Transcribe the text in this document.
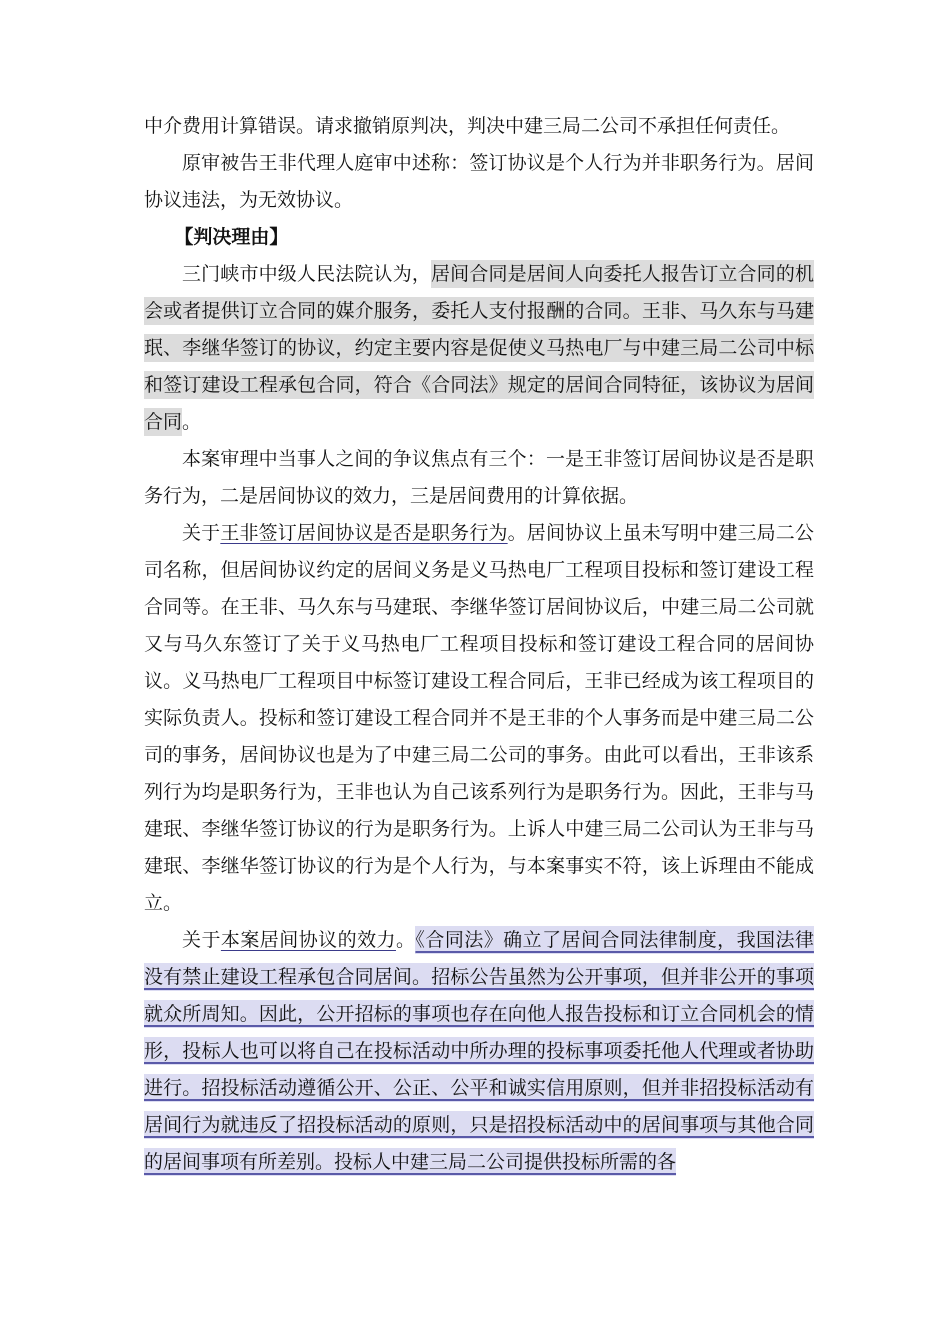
中介费用计算错误。请求撤销原判决，判决中建三局二公司不承担任何责任。

原审被告王非代理人庭审中述称：签订协议是个人行为并非职务行为。居间协议违法，为无效协议。

【判决理由】

三门峡市中级人民法院认为，居间合同是居间人向委托人报告订立合同的机会或者提供订立合同的媒介服务，委托人支付报酬的合同。王非、马久东与马建珉、李继华签订的协议，约定主要内容是促使义马热电厂与中建三局二公司中标和签订建设工程承包合同，符合《合同法》规定的居间合同特征，该协议为居间合同。

本案审理中当事人之间的争议焦点有三个：一是王非签订居间协议是否是职务行为，二是居间协议的效力，三是居间费用的计算依据。

关于王非签订居间协议是否是职务行为。居间协议上虽未写明中建三局二公司名称，但居间协议约定的居间义务是义马热电厂工程项目投标和签订建设工程合同等。在王非、马久东与马建珉、李继华签订居间协议后，中建三局二公司就又与马久东签订了关于义马热电厂工程项目投标和签订建设工程合同的居间协议。义马热电厂工程项目中标签订建设工程合同后，王非已经成为该工程项目的实际负责人。投标和签订建设工程合同并不是王非的个人事务而是中建三局二公司的事务，居间协议也是为了中建三局二公司的事务。由此可以看出，王非该系列行为均是职务行为，王非也认为自己该系列行为是职务行为。因此，王非与马建珉、李继华签订协议的行为是职务行为。上诉人中建三局二公司认为王非与马建珉、李继华签订协议的行为是个人行为，与本案事实不符，该上诉理由不能成立。

关于本案居间协议的效力。《合同法》确立了居间合同法律制度，我国法律没有禁止建设工程承包合同居间。招标公告虽然为公开事项，但并非公开的事项就众所周知。因此，公开招标的事项也存在向他人报告投标和订立合同机会的情形，投标人也可以将自己在投标活动中所办理的投标事项委托他人代理或者协助进行。招投标活动遵循公开、公正、公平和诚实信用原则，但并非招投标活动有居间行为就违反了招投标活动的原则，只是招投标活动中的居间事项与其他合同的居间事项有所差别。投标人中建三局二公司提供投标所需的各
